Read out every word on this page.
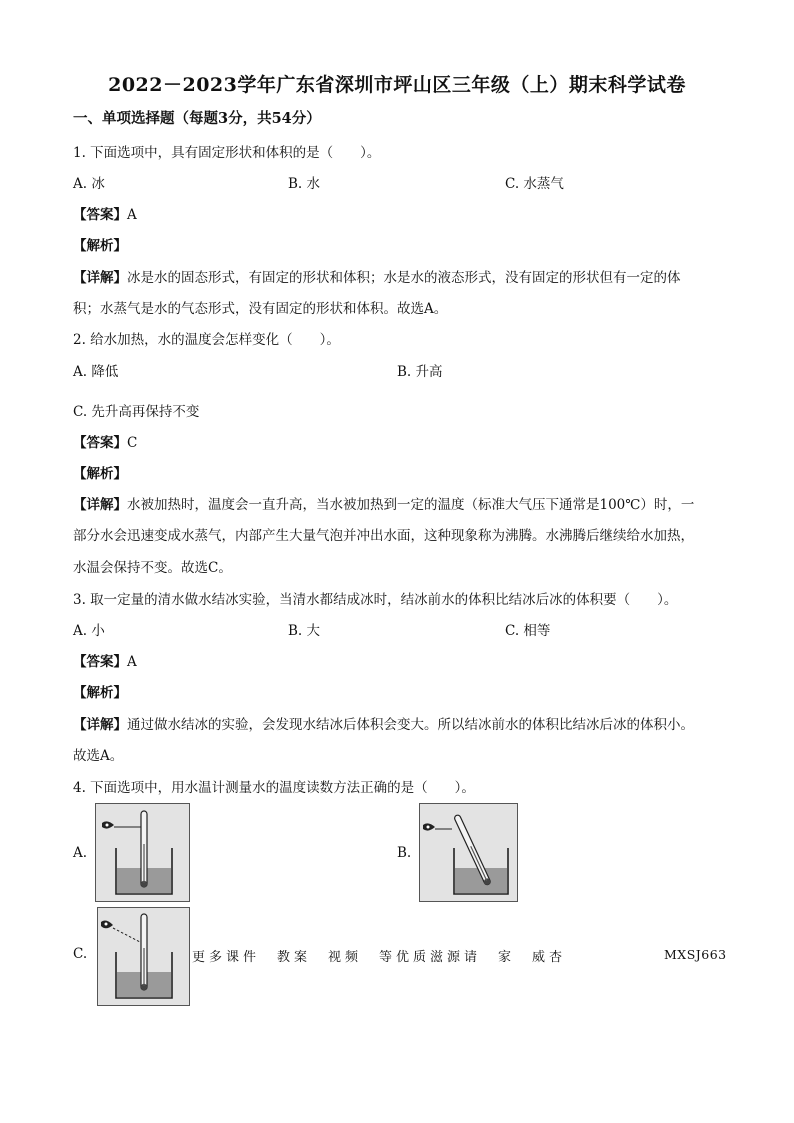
2022－2023学年广东省深圳市坪山区三年级（上）期末科学试卷
一、单项选择题（每题3分，共54分）
1. 下面选项中，具有固定形状和体积的是（　　）。
A. 冰	B. 水	C. 水蒸气
【答案】A
【解析】
【详解】冰是水的固态形式，有固定的形状和体积；水是水的液态形式，没有固定的形状但有一定的体
积；水蒸气是水的气态形式，没有固定的形状和体积。故选A。
2. 给水加热，水的温度会怎样变化（　　）。
A. 降低	B. 升高
C. 先升高再保持不变
【答案】C
【解析】
【详解】水被加热时，温度会一直升高，当水被加热到一定的温度（标准大气压下通常是100℃）时，一
部分水会迅速变成水蒸气，内部产生大量气泡并冲出水面，这种现象称为沸腾。水沸腾后继续给水加热，
水温会保持不变。故选C。
3. 取一定量的清水做水结冰实验，当清水都结成冰时，结冰前水的体积比结冰后冰的体积要（　　）。
A. 小	B. 大	C. 相等
【答案】A
【解析】
【详解】通过做水结冰的实验，会发现水结冰后体积会变大。所以结冰前水的体积比结冰后冰的体积小。
故选A。
4. 下面选项中，用水温计测量水的温度读数方法正确的是（　　）。
A.	B.
C.	更多课件　教案　视频　等优质滋源请　家　威杏	MXSJ663
